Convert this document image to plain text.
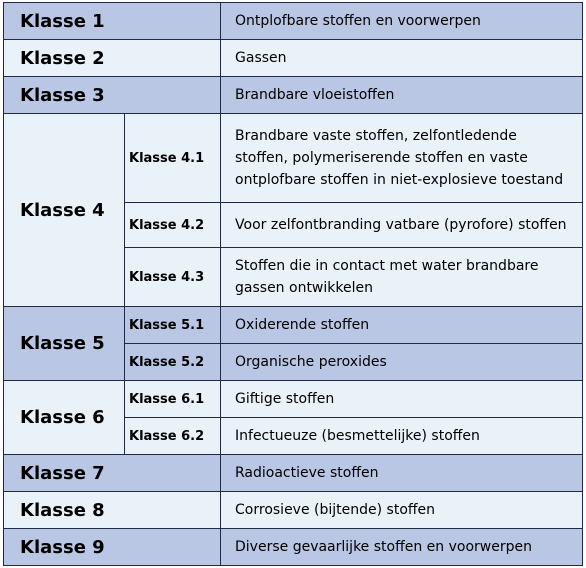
Klasse 1		Ontplofbare stoffen en voorwerpen
Klasse 2		Gassen
Klasse 3		Brandbare vloeistoffen
Klasse 4	Klasse 4.1	Brandbare vaste stoffen, zelfontledende stoffen, polymeriserende stoffen en vaste ontplofbare stoffen in niet-explosieve toestand
	Klasse 4.2	Voor zelfontbranding vatbare (pyrofore) stoffen
	Klasse 4.3	Stoffen die in contact met water brandbare gassen ontwikkelen
Klasse 5	Klasse 5.1	Oxiderende stoffen
	Klasse 5.2	Organische peroxides
Klasse 6	Klasse 6.1	Giftige stoffen
	Klasse 6.2	Infectueuze (besmettelijke) stoffen
Klasse 7		Radioactieve stoffen
Klasse 8		Corrosieve (bijtende) stoffen
Klasse 9		Diverse gevaarlijke stoffen en voorwerpen
